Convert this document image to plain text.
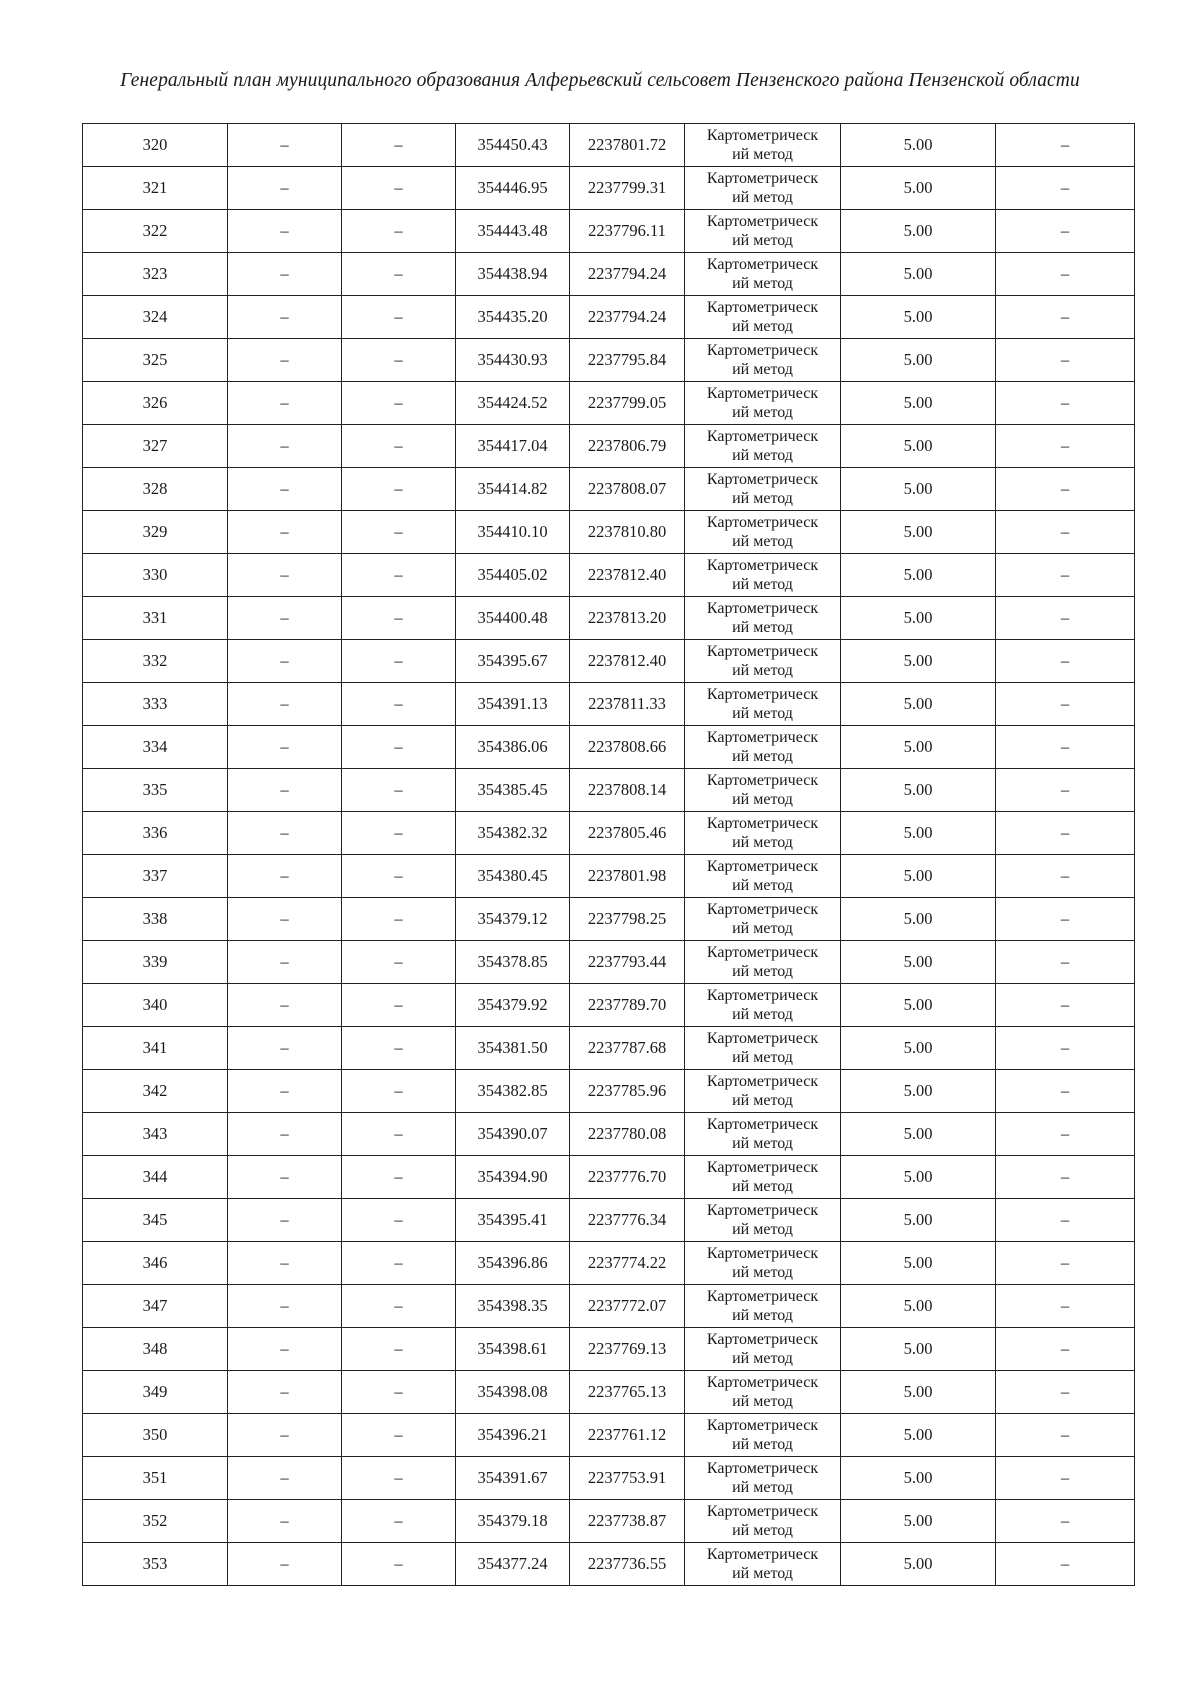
Генеральный план муниципального образования Алферьевский сельсовет Пензенского района Пензенской области
320	–	–	354450.43	2237801.72	Картометрическ
ий метод	5.00	–
321	–	–	354446.95	2237799.31	Картометрическ
ий метод	5.00	–
322	–	–	354443.48	2237796.11	Картометрическ
ий метод	5.00	–
323	–	–	354438.94	2237794.24	Картометрическ
ий метод	5.00	–
324	–	–	354435.20	2237794.24	Картометрическ
ий метод	5.00	–
325	–	–	354430.93	2237795.84	Картометрическ
ий метод	5.00	–
326	–	–	354424.52	2237799.05	Картометрическ
ий метод	5.00	–
327	–	–	354417.04	2237806.79	Картометрическ
ий метод	5.00	–
328	–	–	354414.82	2237808.07	Картометрическ
ий метод	5.00	–
329	–	–	354410.10	2237810.80	Картометрическ
ий метод	5.00	–
330	–	–	354405.02	2237812.40	Картометрическ
ий метод	5.00	–
331	–	–	354400.48	2237813.20	Картометрическ
ий метод	5.00	–
332	–	–	354395.67	2237812.40	Картометрическ
ий метод	5.00	–
333	–	–	354391.13	2237811.33	Картометрическ
ий метод	5.00	–
334	–	–	354386.06	2237808.66	Картометрическ
ий метод	5.00	–
335	–	–	354385.45	2237808.14	Картометрическ
ий метод	5.00	–
336	–	–	354382.32	2237805.46	Картометрическ
ий метод	5.00	–
337	–	–	354380.45	2237801.98	Картометрическ
ий метод	5.00	–
338	–	–	354379.12	2237798.25	Картометрическ
ий метод	5.00	–
339	–	–	354378.85	2237793.44	Картометрическ
ий метод	5.00	–
340	–	–	354379.92	2237789.70	Картометрическ
ий метод	5.00	–
341	–	–	354381.50	2237787.68	Картометрическ
ий метод	5.00	–
342	–	–	354382.85	2237785.96	Картометрическ
ий метод	5.00	–
343	–	–	354390.07	2237780.08	Картометрическ
ий метод	5.00	–
344	–	–	354394.90	2237776.70	Картометрическ
ий метод	5.00	–
345	–	–	354395.41	2237776.34	Картометрическ
ий метод	5.00	–
346	–	–	354396.86	2237774.22	Картометрическ
ий метод	5.00	–
347	–	–	354398.35	2237772.07	Картометрическ
ий метод	5.00	–
348	–	–	354398.61	2237769.13	Картометрическ
ий метод	5.00	–
349	–	–	354398.08	2237765.13	Картометрическ
ий метод	5.00	–
350	–	–	354396.21	2237761.12	Картометрическ
ий метод	5.00	–
351	–	–	354391.67	2237753.91	Картометрическ
ий метод	5.00	–
352	–	–	354379.18	2237738.87	Картометрическ
ий метод	5.00	–
353	–	–	354377.24	2237736.55	Картометрическ
ий метод	5.00	–
